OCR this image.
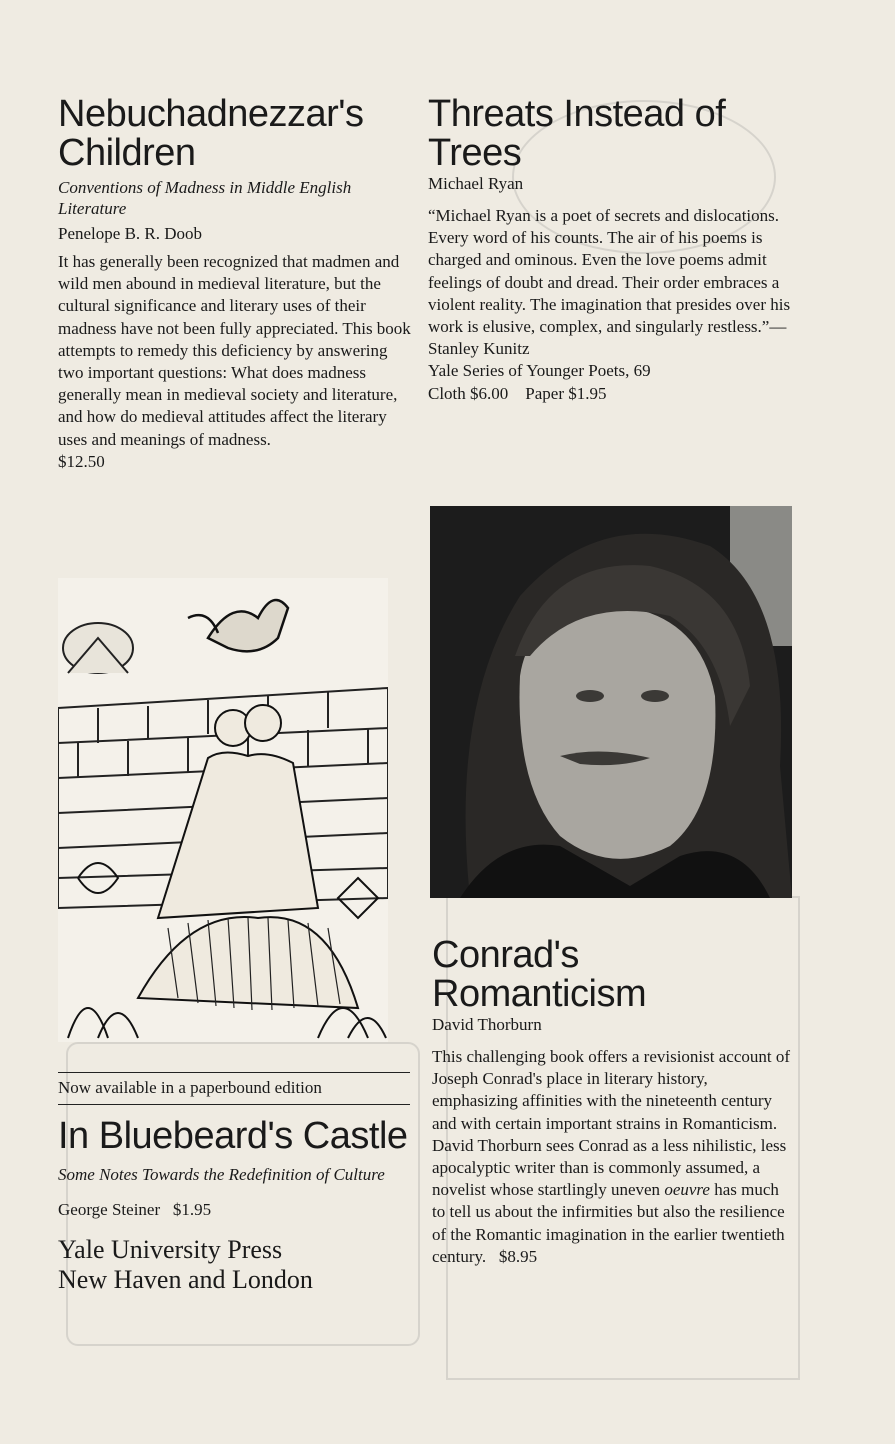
Nebuchadnezzar's Children

Conventions of Madness in Middle English Literature

Penelope B. R. Doob

It has generally been recognized that madmen and wild men abound in medieval literature, but the cultural significance and literary uses of their madness have not been fully appreciated. This book attempts to remedy this deficiency by answering two important questions: What does madness generally mean in medieval society and literature, and how do medieval attitudes affect the literary uses and meanings of madness.

$12.50

Now available in a paperbound edition

In Bluebeard's Castle

Some Notes Towards the Redefinition of Culture

George Steiner $1.95

Yale University Press

New Haven and London

Threats Instead of Trees

Michael Ryan

“Michael Ryan is a poet of secrets and dislocations. Every word of his counts. The air of his poems is charged and ominous. Even the love poems admit feelings of doubt and dread. Their order embraces a violent reality. The imagination that presides over his work is elusive, complex, and singularly restless.”—Stanley Kunitz

Yale Series of Younger Poets, 69

Cloth $6.00    Paper $1.95

Conrad's Romanticism

David Thorburn

This challenging book offers a revisionist account of Joseph Conrad's place in literary history, emphasizing affinities with the nineteenth century and with certain important strains in Romanticism. David Thorburn sees Conrad as a less nihilistic, less apocalyptic writer than is commonly assumed, a novelist whose startlingly uneven oeuvre has much to tell us about the infirmities but also the resilience of the Romantic imagination in the earlier twentieth century. $8.95
